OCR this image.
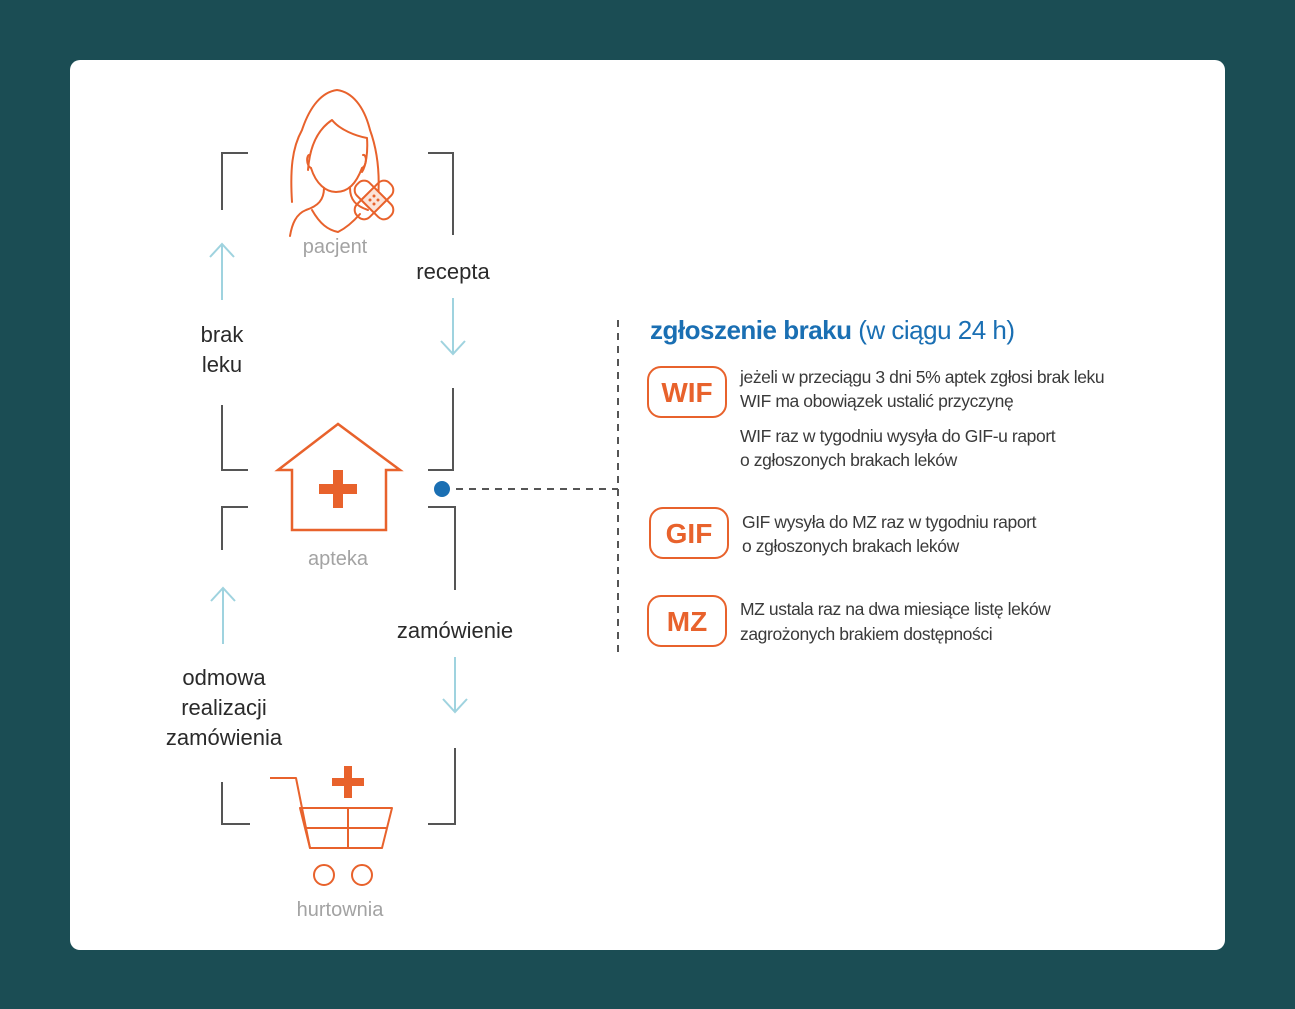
pacjent
apteka
hurtownia
recepta
zamówienie
brak
leku
odmowa
realizacji
zamówienia
zgłoszenie braku (w ciągu 24 h)
WIF jeżeli w przeciągu 3 dni 5% aptek zgłosi brak leku
WIF ma obowiązek ustalić przyczynę
WIF raz w tygodniu wysyła do GIF-u raport
o zgłoszonych brakach leków
GIF GIF wysyła do MZ raz w tygodniu raport
o zgłoszonych brakach leków
MZ MZ ustala raz na dwa miesiące listę leków
zagrożonych brakiem dostępności
